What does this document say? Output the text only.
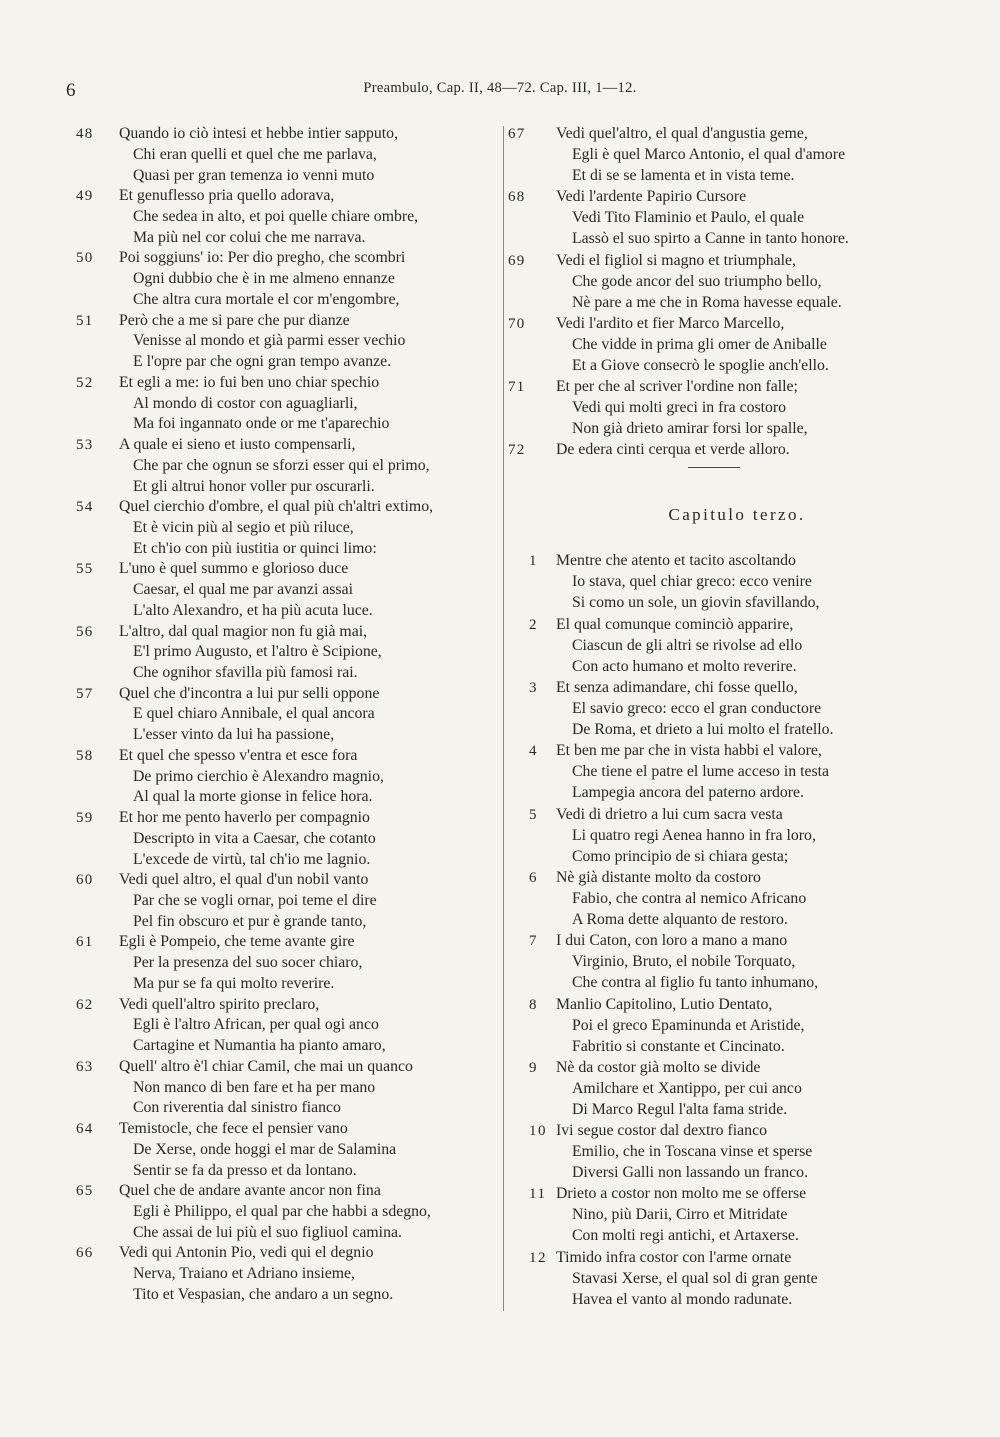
6	Preambulo, Cap. II, 48—72. Cap. III, 1—12.
48 Quando io ciò intesi et hebbe intier sapputo,
Chi eran quelli et quel che me parlava,
Quasi per gran temenza io venni muto
49 Et genuflesso pria quello adorava,
Che sedea in alto, et poi quelle chiare ombre,
Ma più nel cor colui che me narrava.
50 Poi soggiuns' io: Per dio pregho, che scombri
Ogni dubbio che è in me almeno ennanze
Che altra cura mortale el cor m'engombre,
51 Però che a me si pare che pur dianze
Venisse al mondo et già parmi esser vechio
E l'opre par che ogni gran tempo avanze.
52 Et egli a me: io fui ben uno chiar spechio
Al mondo di costor con aguagliarli,
Ma foi ingannato onde or me t'aparechio
53 A quale ei sieno et iusto compensarli,
Che par che ognun se sforzi esser qui el primo,
Et gli altrui honor voller pur oscurarli.
54 Quel cierchio d'ombre, el qual più ch'altri extimo,
Et è vicin più al segio et più riluce,
Et ch'io con più iustitia or quinci limo:
55 L'uno è quel summo e glorioso duce
Caesar, el qual me par avanzi assai
L'alto Alexandro, et ha più acuta luce.
56 L'altro, dal qual magior non fu già mai,
E'l primo Augusto, et l'altro è Scipione,
Che ognihor sfavilla più famosi rai.
57 Quel che d'incontra a lui pur selli oppone
E quel chiaro Annibale, el qual ancora
L'esser vinto da lui ha passione,
58 Et quel che spesso v'entra et esce fora
De primo cierchio è Alexandro magnio,
Al qual la morte gionse in felice hora.
59 Et hor me pento haverlo per compagnio
Descripto in vita a Caesar, che cotanto
L'excede de virtù, tal ch'io me lagnio.
60 Vedi quel altro, el qual d'un nobil vanto
Par che se vogli ornar, poi teme el dire
Pel fin obscuro et pur è grande tanto,
61 Egli è Pompeio, che teme avante gire
Per la presenza del suo socer chiaro,
Ma pur se fa qui molto reverire.
62 Vedi quell'altro spirito preclaro,
Egli è l'altro African, per qual ogi anco
Cartagine et Numantia ha pianto amaro,
63 Quell' altro è'l chiar Camil, che mai un quanco
Non manco di ben fare et ha per mano
Con riverentia dal sinistro fianco
64 Temistocle, che fece el pensier vano
De Xerse, onde hoggi el mar de Salamina
Sentir se fa da presso et da lontano.
65 Quel che de andare avante ancor non fina
Egli è Philippo, el qual par che habbi a sdegno,
Che assai de lui più el suo figliuol camina.
66 Vedi qui Antonin Pio, vedi qui el degnio
Nerva, Traiano et Adriano insieme,
Tito et Vespasian, che andaro a un segno.
67 Vedi quel'altro, el qual d'angustia geme,
Egli è quel Marco Antonio, el qual d'amore
Et di se se lamenta et in vista teme.
68 Vedi l'ardente Papirio Cursore
Vedi Tito Flaminio et Paulo, el quale
Lassò el suo spirto a Canne in tanto honore.
69 Vedi el figliol si magno et triumphale,
Che gode ancor del suo triumpho bello,
Nè pare a me che in Roma havesse equale.
70 Vedi l'ardito et fier Marco Marcello,
Che vidde in prima gli omer de Aniballe
Et a Giove consecrò le spoglie anch'ello.
71 Et per che al scriver l'ordine non falle;
Vedi qui molti greci in fra costoro
Non già drieto amirar forsi lor spalle,
72 De edera cinti cerqua et verde alloro.
Capitulo terzo.
1 Mentre che atento et tacito ascoltando
Io stava, quel chiar greco: ecco venire
Si como un sole, un giovin sfavillando,
2 El qual comunque cominciò apparire,
Ciascun de gli altri se rivolse ad ello
Con acto humano et molto reverire.
3 Et senza adimandare, chi fosse quello,
El savio greco: ecco el gran conductore
De Roma, et drieto a lui molto el fratello.
4 Et ben me par che in vista habbi el valore,
Che tiene el patre el lume acceso in testa
Lampegia ancora del paterno ardore.
5 Vedi di drietro a lui cum sacra vesta
Li quatro regi Aenea hanno in fra loro,
Como principio de si chiara gesta;
6 Nè già distante molto da costoro
Fabio, che contra al nemico Africano
A Roma dette alquanto de restoro.
7 I dui Caton, con loro a mano a mano
Virginio, Bruto, el nobile Torquato,
Che contra al figlio fu tanto inhumano,
8 Manlio Capitolino, Lutio Dentato,
Poi el greco Epaminunda et Aristide,
Fabritio si constante et Cincinato.
9 Nè da costor già molto se divide
Amilchare et Xantippo, per cui anco
Di Marco Regul l'alta fama stride.
10 Ivi segue costor dal dextro fianco
Emilio, che in Toscana vinse et sperse
Diversi Galli non lassando un franco.
11 Drieto a costor non molto me se offerse
Nino, più Darii, Cirro et Mitridate
Con molti regi antichi, et Artaxerse.
12 Timido infra costor con l'arme ornate
Stavasi Xerse, el qual sol di gran gente
Havea el vanto al mondo radunate.
